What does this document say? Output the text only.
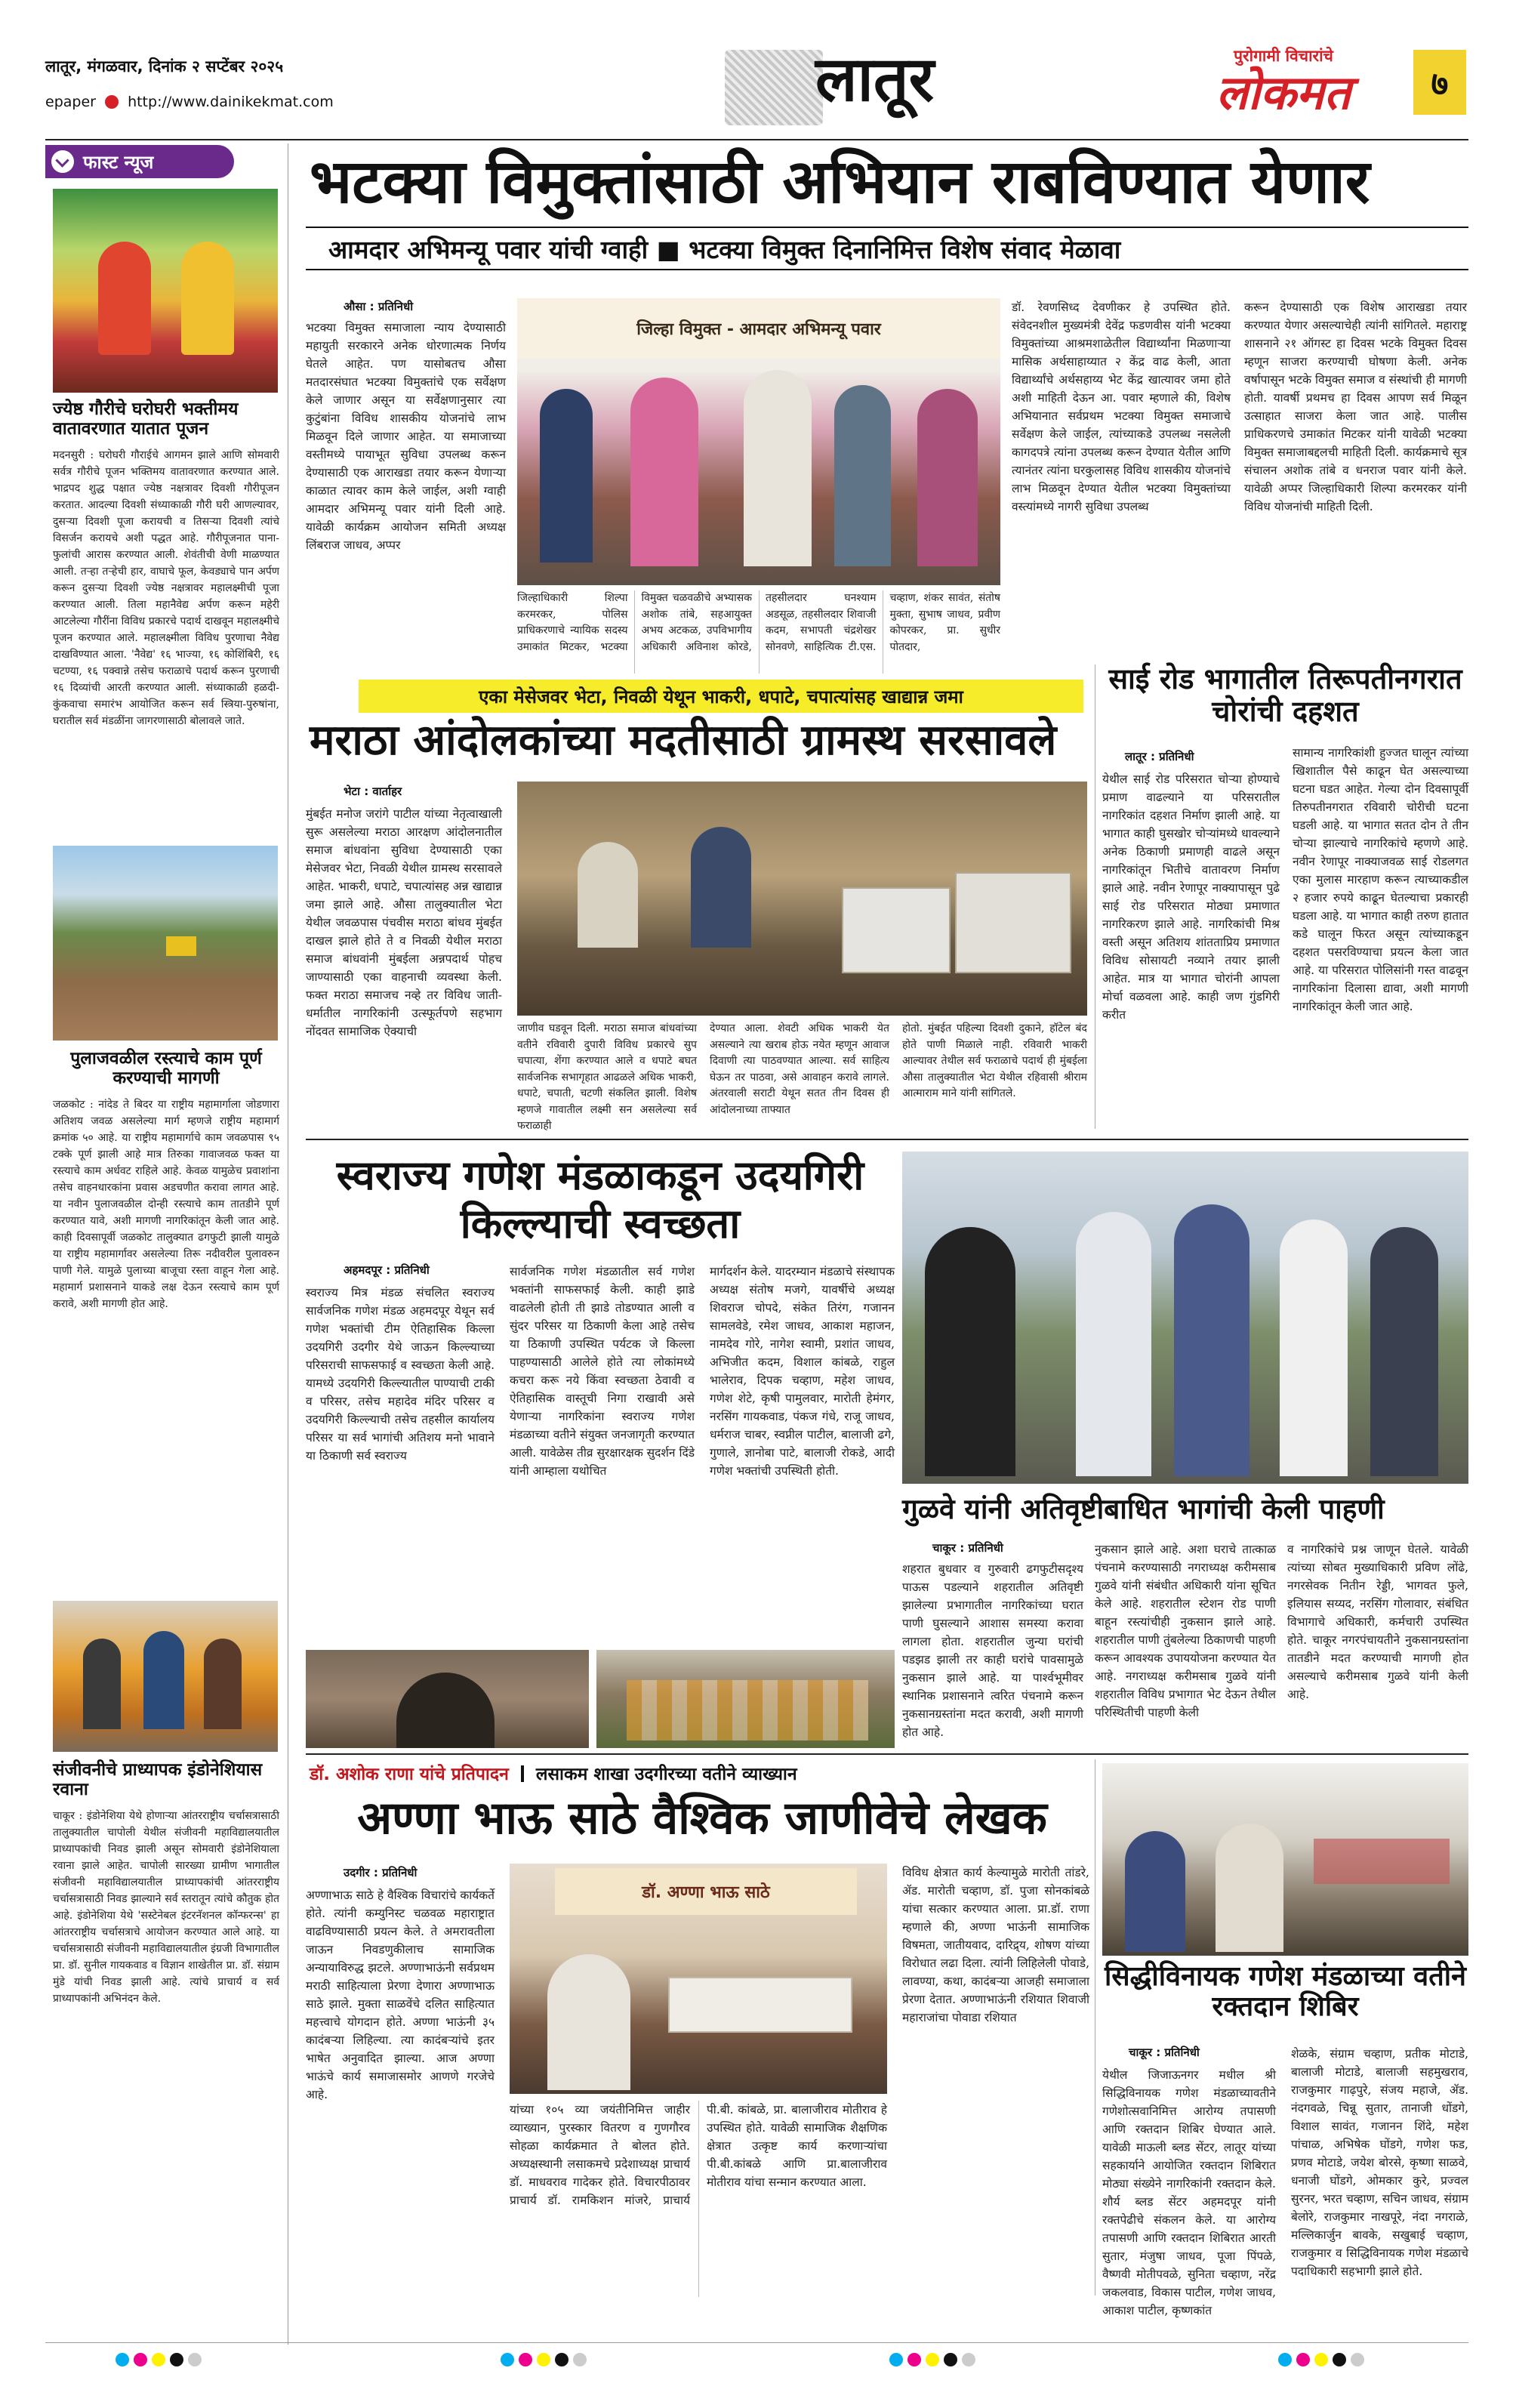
लातूर, मंगळवार, दिनांक २ सप्टेंबर २०२५
epaper http://www.dainikekmat.com	लातूर	पुरोगामी विचारांचे
लोकमत	७
फास्ट न्यूज
ज्येष्ठ गौरीचे घरोघरी भक्तीमय वातावरणात यातात पूजन
मदनसुरी : घरोघरी गौराईचे आगमन झाले आणि सोमवारी सर्वत्र गौरीचे पूजन भक्तिमय वातावरणात करण्यात आले. भाद्रपद शुद्ध पक्षात ज्येष्ठ नक्षत्रावर दिवशी गौरीपूजन करतात. आदल्या दिवशी संध्याकाळी गौरी घरी आणल्यावर, दुसऱ्या दिवशी पूजा करायची व तिसऱ्या दिवशी त्यांचे विसर्जन करायचे अशी पद्धत आहे. गौरीपूजनात पाना-फुलांची आरास करण्यात आली. शेवंतीची वेणी माळण्यात आली. तऱ्हा तऱ्हेची हार, वाघाचे फूल, केवड्याचे पान अर्पण करून दुसऱ्या दिवशी ज्येष्ठ नक्षत्रावर महालक्ष्मीची पूजा करण्यात आली. तिला महानैवेद्य अर्पण करून महेरी आटलेल्या गौरींना विविध प्रकारचे पदार्थ दाखवून महालक्ष्मीचे पूजन करण्यात आले. महालक्ष्मीला विविध पुरणाचा नैवेद्य दाखविण्यात आला. 'नैवेद्य' १६ भाज्या, १६ कोशिंबिरी, १६ चटण्या, १६ पक्वान्ने तसेच फराळाचे पदार्थ करून पुरणाची १६ दिव्यांची आरती करण्यात आली. संध्याकाळी हळदी-कुंकवाचा समारंभ आयोजित करून सर्व स्त्रिया-पुरुषांना, घरातील सर्व मंडळींना जागरणासाठी बोलावले जाते.
पुलाजवळील रस्त्याचे काम पूर्ण करण्याची मागणी
जळकोट : नांदेड ते बिदर या राष्ट्रीय महामार्गाला जोडणारा अतिशय जवळ असलेल्या मार्ग म्हणजे राष्ट्रीय महामार्ग क्रमांक ५० आहे. या राष्ट्रीय महामार्गाचे काम जवळपास ९५ टक्के पूर्ण झाली आहे मात्र तिरुका गावाजवळ फक्त या रस्त्याचे काम अर्धवट राहिले आहे. केवळ यामुळेच प्रवाशांना तसेच वाहनधारकांना प्रवास अडचणीत करावा लागत आहे. या नवीन पुलाजवळील दोन्ही रस्त्याचे काम तातडीने पूर्ण करण्यात यावे, अशी मागणी नागरिकांतून केली जात आहे. काही दिवसापूर्वी जळकोट तालुक्यात ढगफुटी झाली यामुळे या राष्ट्रीय महामार्गावर असलेल्या तिरू नदीवरील पुलावरुन पाणी गेले. यामुळे पुलाच्या बाजूचा रस्ता वाहून गेला आहे. महामार्ग प्रशासनाने याकडे लक्ष देऊन रस्त्याचे काम पूर्ण करावे, अशी मागणी होत आहे.
संजीवनीचे प्राध्यापक इंडोनेशियास रवाना
चाकूर : इंडोनेशिया येथे होणाऱ्या आंतरराष्ट्रीय चर्चासत्रासाठी तालुक्यातील चापोली येथील संजीवनी महाविद्यालयातील प्राध्यापकांची निवड झाली असून सोमवारी इंडोनेशियाला रवाना झाले आहेत. चापोली सारख्या ग्रामीण भागातील संजीवनी महाविद्यालयातील प्राध्यापकांची आंतरराष्ट्रीय चर्चासत्रासाठी निवड झाल्याने सर्व स्तरातून त्यांचे कौतुक होत आहे. इंडोनेशिया येथे 'सस्टेनेबल इंटरनॅशनल कॉन्फरन्स' हा आंतरराष्ट्रीय चर्चासत्राचे आयोजन करण्यात आले आहे. या चर्चासत्रासाठी संजीवनी महाविद्यालयातील इंग्रजी विभागातील प्रा. डॉ. सुनील गायकवाड व विज्ञान शाखेतील प्रा. डॉ. संग्राम मुंडे यांची निवड झाली आहे. त्यांचे प्राचार्य व सर्व प्राध्यापकांनी अभिनंदन केले.
भटक्या विमुक्तांसाठी अभियान राबविण्यात येणार
आमदार अभिमन्यू पवार यांची ग्वाही ■ भटक्या विमुक्त दिनानिमित्त विशेष संवाद मेळावा
औसा : प्रतिनिधी
भटक्या विमुक्त समाजाला न्याय देण्यासाठी महायुती सरकारने अनेक धोरणात्मक निर्णय घेतले आहेत. पण यासोबतच औसा मतदारसंघात भटक्या विमुक्तांचे एक सर्वेक्षण केले जाणार असून या सर्वेक्षणानुसार त्या कुटुंबांना विविध शासकीय योजनांचे लाभ मिळवून दिले जाणार आहेत. या समाजाच्या वस्तीमध्ये पायाभूत सुविधा उपलब्ध करून देण्यासाठी एक आराखडा तयार करून येणाऱ्या काळात त्यावर काम केले जाईल, अशी ग्वाही आमदार अभिमन्यू पवार यांनी दिली आहे. यावेळी कार्यक्रम आयोजन समिती अध्यक्ष लिंबराज जाधव, अप्पर
जिल्हा विमुक्त - आमदार अभिमन्यू पवार
जिल्हाधिकारी शिल्पा करमरकर, पोलिस प्राधिकरणाचे न्यायिक सदस्य उमाकांत मिटकर, भटक्या विमुक्त चळवळीचे अभ्यासक अशोक तांबे, सहआयुक्त अभय अटकळ, उपविभागीय अधिकारी अविनाश कोरडे, तहसीलदार घनश्याम अडसूळ, तहसीलदार शिवाजी कदम, सभापती चंद्रशेखर सोनवणे, साहित्यिक टी.एस. चव्हाण, शंकर सावंत, संतोष मुक्ता, सुभाष जाधव, प्रवीण कोपरकर, प्रा. सुधीर पोतदार,
डॉ. रेवणसिध्द देवणीकर हे उपस्थित होते. संवेदनशील मुख्यमंत्री देवेंद्र फडणवीस यांनी भटक्या विमुक्तांच्या आश्रमशाळेतील विद्यार्थ्यांना मिळणाऱ्या मासिक अर्थसाहाय्यात २ केंद्र वाढ केली, आता विद्यार्थ्यांचे अर्थसहाय्य भेट केंद्र खात्यावर जमा होते अशी माहिती देऊन आ. पवार म्हणाले की, विशेष अभियानात सर्वप्रथम भटक्या विमुक्त समाजाचे सर्वेक्षण केले जाईल, त्यांच्याकडे उपलब्ध नसलेली कागदपत्रे त्यांना उपलब्ध करून देण्यात येतील आणि त्यानंतर त्यांना घरकुलासह विविध शासकीय योजनांचे लाभ मिळवून देण्यात येतील भटक्या विमुक्तांच्या वस्त्यांमध्ये नागरी सुविधा उपलब्ध
करून देण्यासाठी एक विशेष आराखडा तयार करण्यात येणार असल्याचेही त्यांनी सांगितले. महाराष्ट्र शासनाने २१ ऑगस्ट हा दिवस भटके विमुक्त दिवस म्हणून साजरा करण्याची घोषणा केली. अनेक वर्षापासून भटके विमुक्त समाज व संस्थांची ही मागणी होती. यावर्षी प्रथमच हा दिवस आपण सर्व मिळून उत्साहात साजरा केला जात आहे. पालीस प्राधिकरणचे उमाकांत मिटकर यांनी यावेळी भटक्या विमुक्त समाजाबद्दलची माहिती दिली. कार्यक्रमाचे सूत्र संचालन अशोक तांबे व धनराज पवार यांनी केले. यावेळी अप्पर जिल्हाधिकारी शिल्पा करमरकर यांनी विविध योजनांची माहिती दिली.
एका मेसेजवर भेटा, निवळी येथून भाकरी, धपाटे, चपात्यांसह खाद्यान्न जमा
मराठा आंदोलकांच्या मदतीसाठी ग्रामस्थ सरसावले
भेटा : वार्ताहर
मुंबईत मनोज जरांगे पाटील यांच्या नेतृत्वाखाली सुरू असलेल्या मराठा आरक्षण आंदोलनातील समाज बांधवांना सुविधा देण्यासाठी एका मेसेजवर भेटा, निवळी येथील ग्रामस्थ सरसावले आहेत. भाकरी, धपाटे, चपात्यांसह अन्न खाद्यान्न जमा झाले आहे. औसा तालुक्यातील भेटा येथील जवळपास पंचवीस मराठा बांधव मुंबईत दाखल झाले होते ते व निवळी येथील मराठा समाज बांधवांनी मुंबईला अन्नपदार्थ पोहच जाण्यासाठी एका वाहनाची व्यवस्था केली. फक्त मराठा समाजच नव्हे तर विविध जाती-धर्मातील नागरिकांनी उत्स्फूर्तपणे सहभाग नोंदवत सामाजिक ऐक्याची	जाणीव घडवून दिली. मराठा समाज बांधवांच्या वतीने रविवारी दुपारी विविध प्रकारचे सुप चपात्या, शेंगा करण्यात आले व धपाटे बघत सार्वजनिक सभागृहात आढळले अधिक भाकरी, धपाटे, चपाती, चटणी संकलित झाली. विशेष म्हणजे गावातील लक्ष्मी सन असलेल्या सर्व फराळाही
देण्यात आला. शेवटी अधिक भाकरी येत असल्याने त्या खराब होऊ नयेत म्हणून आवाज दिवाणी त्या पाठवण्यात आल्या. सर्व साहित्य घेऊन तर पाठवा, असे आवाहन करावे लागले. अंतरवाली सराटी येथून सतत तीन दिवस ही आंदोलनाच्या ताफ्यात
होतो. मुंबईत पहिल्या दिवशी दुकाने, हॉटेल बंद होते पाणी मिळाले नाही. रविवारी भाकरी आल्यावर तेथील सर्व फराळाचे पदार्थ ही मुंबईला औसा तालुक्यातील भेटा येथील रहिवासी श्रीराम आत्माराम माने यांनी सांगितले.
साई रोड भागातील तिरूपतीनगरात चोरांची दहशत
लातूर : प्रतिनिधी
येथील साई रोड परिसरात चोऱ्या होण्याचे प्रमाण वाढल्याने या परिसरातील नागरिकांत दहशत निर्माण झाली आहे. या भागात काही घुसखोर चोऱ्यांमध्ये धावल्याने अनेक ठिकाणी प्रमाणही वाढले असून नागरिकांतून भितीचे वातावरण निर्माण झाले आहे. नवीन रेणापूर नाक्यापासून पुढे साई रोड परिसरात मोठ्या प्रमाणात नागरिकरण झाले आहे. नागरिकांची मिश्र वस्ती असून अतिशय शांतताप्रिय प्रमाणात विविध सोसायटी नव्याने तयार झाली आहेत. मात्र या भागात चोरांनी आपला मोर्चा वळवला आहे. काही जण गुंडगिरी करीत
सामान्य नागरिकांशी हुज्जत घालून त्यांच्या खिशातील पैसे काढून घेत असल्याच्या घटना घडत आहेत. गेल्या दोन दिवसापूर्वी तिरुपतीनगरात रविवारी चोरीची घटना घडली आहे. या भागात सतत दोन ते तीन चोऱ्या झाल्याचे नागरिकांचे म्हणणे आहे. नवीन रेणापूर नाक्याजवळ साई रोडलगत एका मुलास मारहाण करून त्याच्याकडील २ हजार रुपये काढून घेतल्याचा प्रकारही घडला आहे. या भागात काही तरुण हातात कडे घालून फिरत असून त्यांच्याकडून दहशत पसरविण्याचा प्रयत्न केला जात आहे. या परिसरात पोलिसांनी गस्त वाढवून नागरिकांना दिलासा द्यावा, अशी मागणी नागरिकांतून केली जात आहे.
स्वराज्य गणेश मंडळाकडून उदयगिरी किल्ल्याची स्वच्छता
अहमदपूर : प्रतिनिधी
स्वराज्य मित्र मंडळ संचलित स्वराज्य सार्वजनिक गणेश मंडळ अहमदपूर येथून सर्व गणेश भक्तांची टीम ऐतिहासिक किल्ला उदयगिरी उदगीर येथे जाऊन किल्ल्याच्या परिसराची साफसफाई व स्वच्छता केली आहे. यामध्ये उदयगिरी किल्ल्यातील पाण्याची टाकी व परिसर, तसेच महादेव मंदिर परिसर व उदयगिरी किल्ल्याची तसेच तहसील कार्यालय परिसर या सर्व भागांची अतिशय मनो भावाने या ठिकाणी सर्व स्वराज्य
सार्वजनिक गणेश मंडळातील सर्व गणेश भक्तांनी साफसफाई केली. काही झाडे वाढलेली होती ती झाडे तोडण्यात आली व सुंदर परिसर या ठिकाणी केला आहे तसेच या ठिकाणी उपस्थित पर्यटक जे किल्ला पाहण्यासाठी आलेले होते त्या लोकांमध्ये कचरा करू नये किंवा स्वच्छता ठेवावी व ऐतिहासिक वास्तूची निगा राखावी असे येणाऱ्या नागरिकांना स्वराज्य गणेश मंडळाच्या वतीने संयुक्त जनजागृती करण्यात आली. यावेळेस तीव्र सुरक्षारक्षक सुदर्शन दिंडे यांनी आम्हाला यथोचित
मार्गदर्शन केले. यादरम्यान मंडळाचे संस्थापक अध्यक्ष संतोष मजगे, यावर्षीचे अध्यक्ष शिवराज चोपदे, संकेत तिरंग, गजानन सामलवेडे, रमेश जाधव, आकाश महाजन, नामदेव गोरे, नागेश स्वामी, प्रशांत जाधव, अभिजीत कदम, विशाल कांबळे, राहुल भालेराव, दिपक चव्हाण, महेश जाधव, गणेश शेटे, कृषी पामुलवार, मारोती हेमंगर, नरसिंग गायकवाड, पंकज गंधे, राजू जाधव, धर्मराज चाबर, स्वप्नील पाटील, बालाजी ढगे, गुणाले, ज्ञानोबा पाटे, बालाजी रोकडे, आदी गणेश भक्तांची उपस्थिती होती.
गुळवे यांनी अतिवृष्टीबाधित भागांची केली पाहणी
चाकूर : प्रतिनिधी
शहरात बुधवार व गुरुवारी ढगफुटीसदृश्य पाऊस पडल्याने शहरातील अतिवृष्टी झालेल्या प्रभागातील नागरिकांच्या घरात पाणी घुसल्याने आशास समस्या करावा लागला होता. शहरातील जुन्या घरांची पडझड झाली तर काही घरांचे पावसामुळे नुकसान झाले आहे. या पार्श्वभूमीवर स्थानिक प्रशासनाने त्वरित पंचनामे करून नुकसानग्रस्तांना मदत करावी, अशी मागणी होत आहे.
नुकसान झाले आहे. अशा घराचे तात्काळ पंचनामे करण्यासाठी नगराध्यक्ष करीमसाब गुळवे यांनी संबंधीत अधिकारी यांना सूचित केले आहे. शहरातील स्टेशन रोड पाणी बाहून रस्त्यांचीही नुकसान झाले आहे. शहरातील पाणी तुंबलेल्या ठिकाणची पाहणी करून आवश्यक उपाययोजना करण्यात येत आहे. नगराध्यक्ष करीमसाब गुळवे यांनी शहरातील विविध प्रभागात भेट देऊन तेथील परिस्थितीची पाहणी केली
व नागरिकांचे प्रश्न जाणून घेतले. यावेळी त्यांच्या सोबत मुख्याधिकारी प्रविण लोंढे, नगरसेवक नितीन रेड्डी, भागवत फुले, इलियास सय्यद, नरसिंग गोलावार, संबंधित विभागाचे अधिकारी, कर्मचारी उपस्थित होते. चाकूर नगरपंचायतीने नुकसानग्रस्तांना तातडीने मदत करण्याची मागणी होत असल्याचे करीमसाब गुळवे यांनी केली आहे.
डॉ. अशोक राणा यांचे प्रतिपादन लसाकम शाखा उदगीरच्या वतीने व्याख्यान
अण्णा भाऊ साठे वैश्विक जाणीवेचे लेखक
उदगीर : प्रतिनिधी
अण्णाभाऊ साठे हे वैश्विक विचारांचे कार्यकर्ते होते. त्यांनी कम्युनिस्ट चळवळ महाराष्ट्रात वाढविण्यासाठी प्रयत्न केले. ते अमरावतीला जाऊन निवडणुकीलाच सामाजिक अन्यायाविरुद्ध झटले. अण्णाभाऊंनी सर्वप्रथम मराठी साहित्याला प्रेरणा देणारा अण्णाभाऊ साठे झाले. मुक्ता साळवेंचे दलित साहित्यात महत्त्वाचे योगदान होते. अण्णा भाऊंनी ३५ कादंबऱ्या लिहिल्या. त्या कादंबऱ्यांचे इतर भाषेत अनुवादित झाल्या. आज अण्णा भाऊंचे कार्य समाजासमोर आणणे गरजेचे आहे.
डॉ. अण्णा भाऊ साठे
यांच्या १०५ व्या जयंतीनिमित्त जाहीर व्याख्यान, पुरस्कार वितरण व गुणगौरव सोहळा कार्यक्रमात ते बोलत होते. अध्यक्षस्थानी लसाकमचे प्रदेशाध्यक्ष प्राचार्य डॉ. माधवराव गादेकर होते. विचारपीठावर प्राचार्य डॉ. रामकिशन मांजरे, प्राचार्य पी.बी. कांबळे, प्रा. बालाजीराव मोतीराव हे उपस्थित होते. यावेळी सामाजिक शैक्षणिक क्षेत्रात उत्कृष्ट कार्य करणाऱ्यांचा पी.बी.कांबळे आणि प्रा.बालाजीराव मोतीराव यांचा सन्मान करण्यात आला.
विविध क्षेत्रात कार्य केल्यामुळे मारोती तांडरे, ॲड. मारोती चव्हाण, डॉ. पुजा सोनकांबळे यांचा सत्कार करण्यात आला. प्रा.डॉ. राणा म्हणाले की, अण्णा भाऊंनी सामाजिक विषमता, जातीयवाद, दारिद्र्य, शोषण यांच्या विरोधात लढा दिला. त्यांनी लिहिलेली पोवाडे, लावण्या, कथा, कादंबऱ्या आजही समाजाला प्रेरणा देतात. अण्णाभाऊंनी रशियात शिवाजी महाराजांचा पोवाडा रशियात
सिद्धीविनायक गणेश मंडळाच्या वतीने रक्तदान शिबिर
चाकूर : प्रतिनिधी
येथील जिजाऊनगर मधील श्री सिद्धिविनायक गणेश मंडळाच्यावतीने गणेशोत्सवानिमित्त आरोग्य तपासणी आणि रक्तदान शिबिर घेण्यात आले. यावेळी माऊली ब्लड सेंटर, लातूर यांच्या सहकार्याने आयोजित रक्तदान शिबिरात मोठ्या संख्येने नागरिकांनी रक्तदान केले. शौर्य ब्लड सेंटर अहमदपूर यांनी रक्तपेढीचे संकलन केले. या आरोग्य तपासणी आणि रक्तदान शिबिरात आरती सुतार, मंजुषा जाधव, पूजा पिंपळे, वैष्णवी मोतीपवळे, सुनिता चव्हाण, नरेंद्र जकलवाड, विकास पाटील, गणेश जाधव, आकाश पाटील, कृष्णकांत
शेळके, संग्राम चव्हाण, प्रतीक मोटाडे, बालाजी मोटाडे, बालाजी सहमुखराव, राजकुमार गाढ़पुरे, संजय महाजे, ॲड. नंदगवळे, चिन्नू सुतार, तानाजी धोंडगे, विशाल सावंत, गजानन शिंदे, महेश पांचाळ, अभिषेक घोंडगे, गणेश फड, प्रणव मोटाडे, जयेश बोरसे, कृष्णा साळवे, धनाजी घोंडगे, ओमकार कुरे, प्रज्वल सुरनर, भरत चव्हाण, सचिन जाधव, संग्राम बेलोरे, राजकुमार नाखपूरे, नंदा नगराळे, मल्लिकार्जुन बावके, सखुबाई चव्हाण, राजकुमार व सिद्धिविनायक गणेश मंडळाचे पदाधिकारी सहभागी झाले होते.
